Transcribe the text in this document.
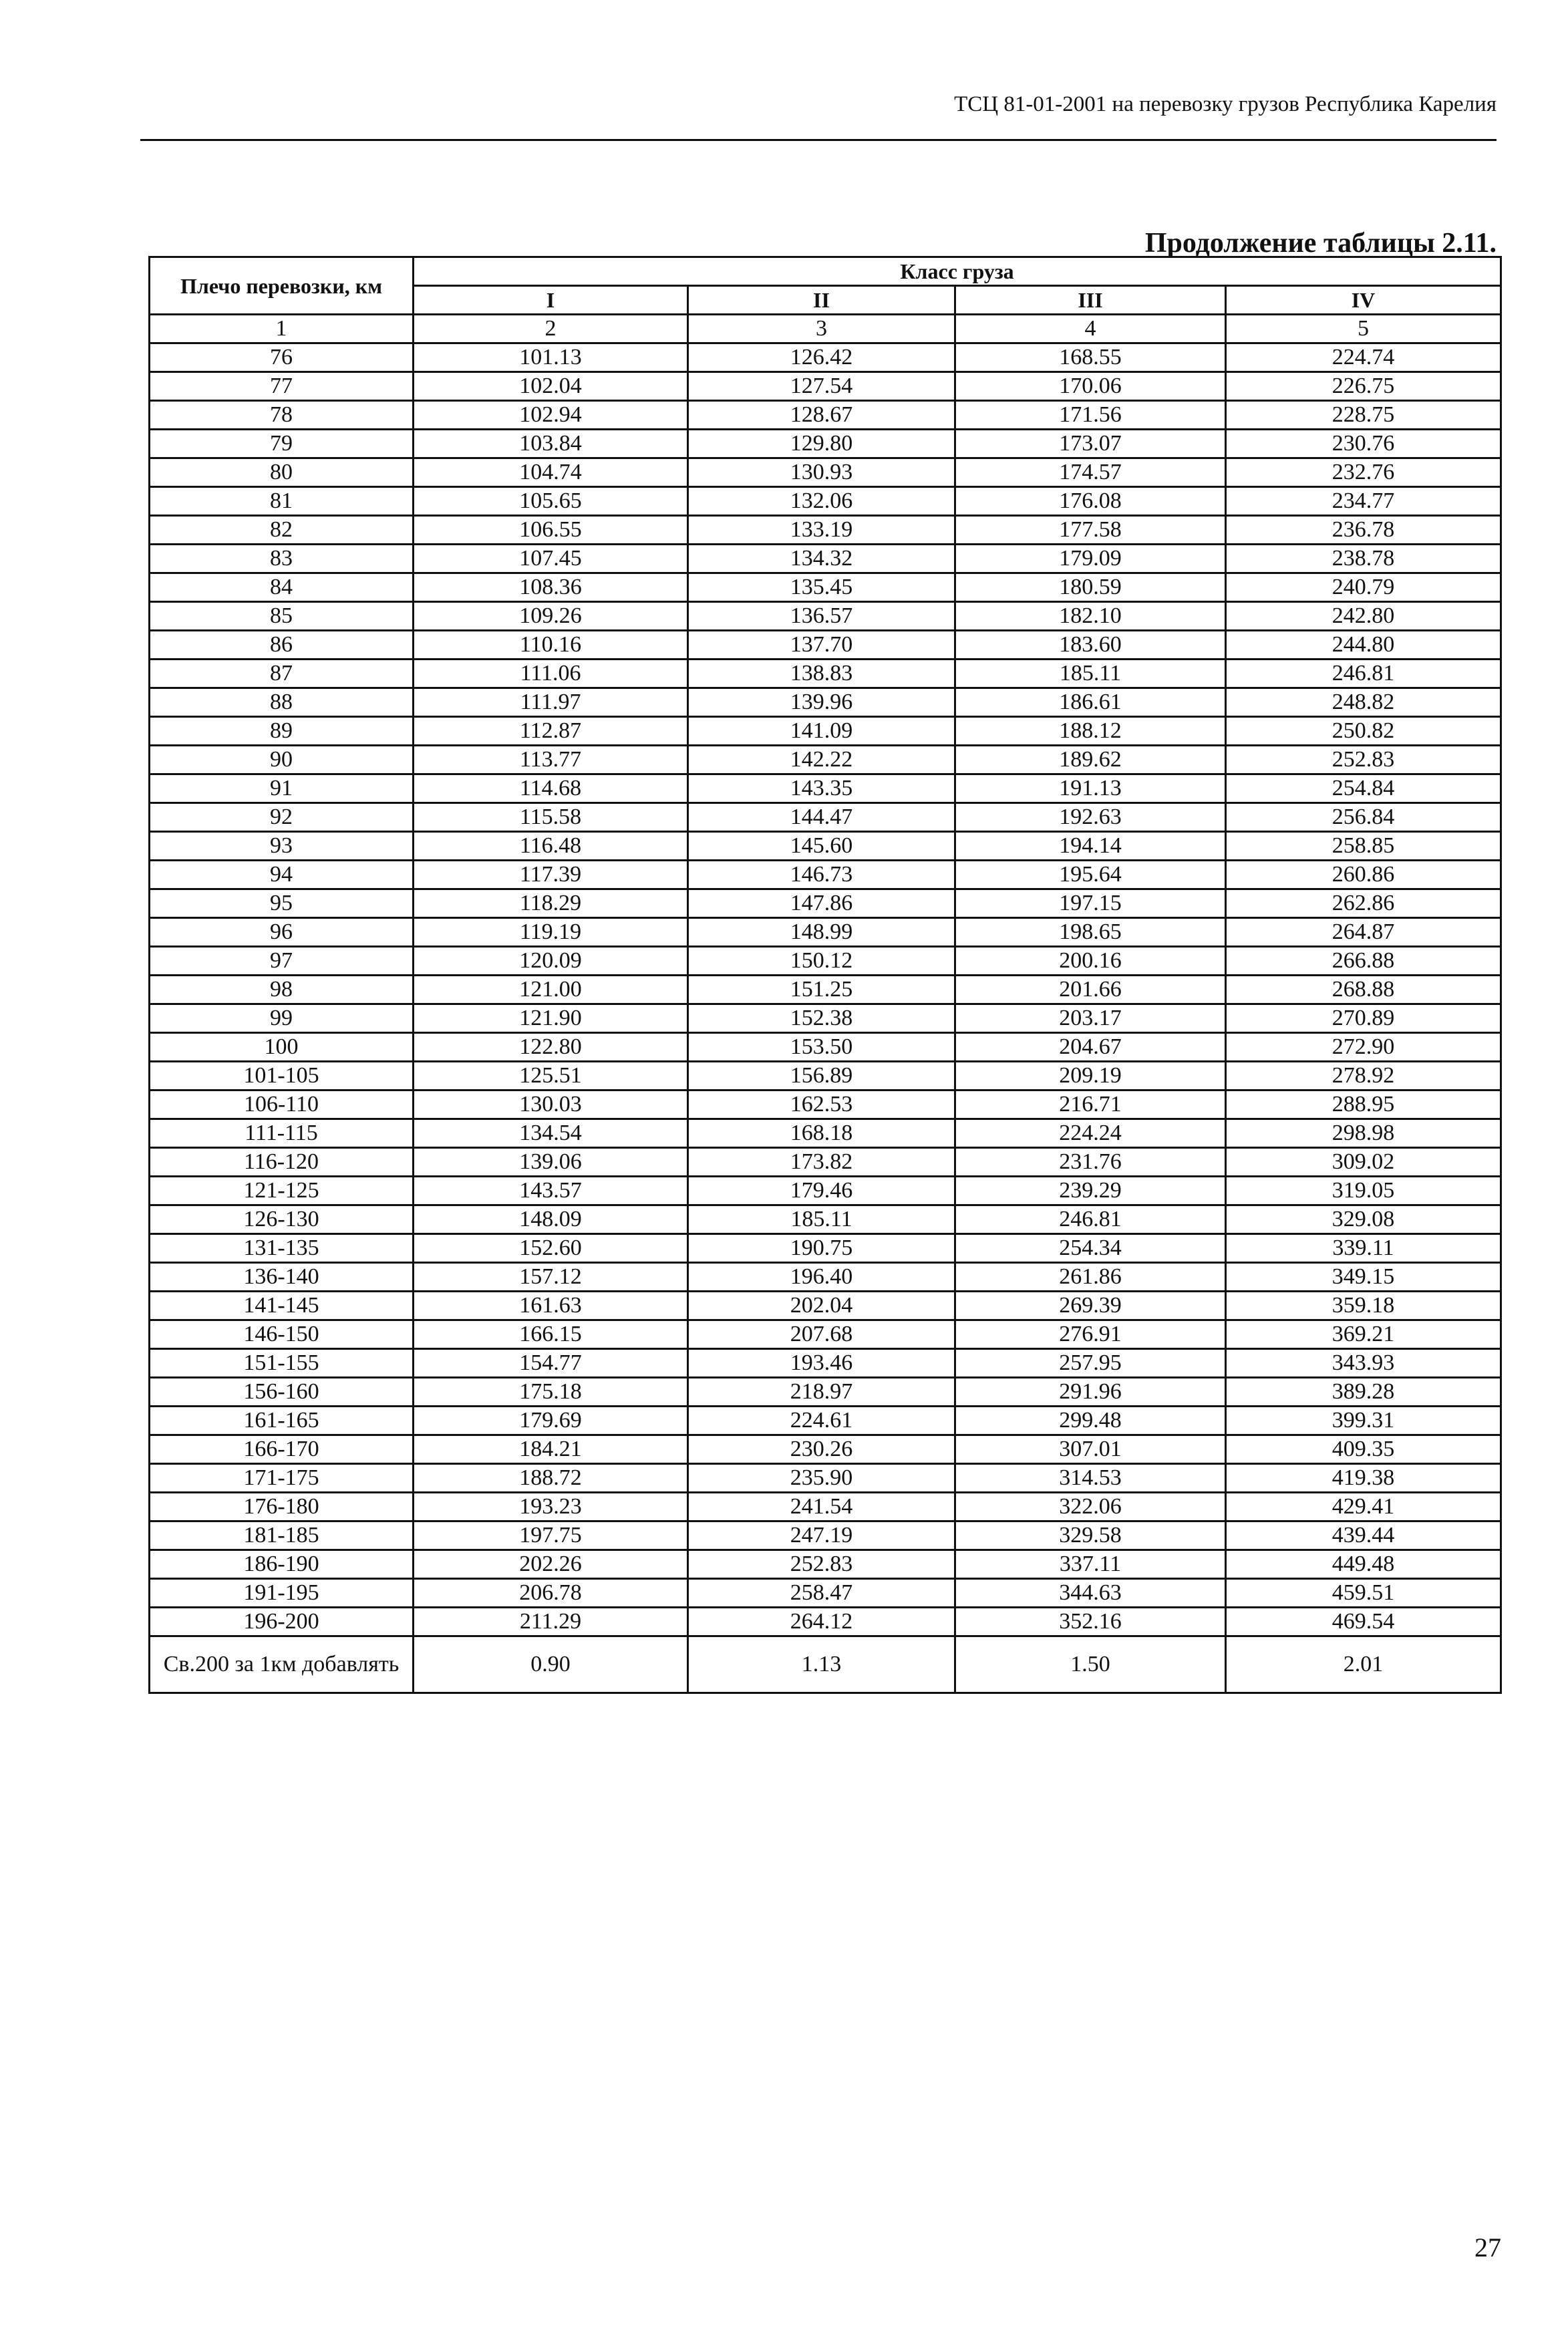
ТСЦ 81-01-2001 на перевозку грузов Республика Карелия
Продолжение таблицы 2.11.
Плечо перевозки, км	Класс груза			
	I	II	III	IV
1	2	3	4	5
76	101.13	126.42	168.55	224.74
77	102.04	127.54	170.06	226.75
78	102.94	128.67	171.56	228.75
79	103.84	129.80	173.07	230.76
80	104.74	130.93	174.57	232.76
81	105.65	132.06	176.08	234.77
82	106.55	133.19	177.58	236.78
83	107.45	134.32	179.09	238.78
84	108.36	135.45	180.59	240.79
85	109.26	136.57	182.10	242.80
86	110.16	137.70	183.60	244.80
87	111.06	138.83	185.11	246.81
88	111.97	139.96	186.61	248.82
89	112.87	141.09	188.12	250.82
90	113.77	142.22	189.62	252.83
91	114.68	143.35	191.13	254.84
92	115.58	144.47	192.63	256.84
93	116.48	145.60	194.14	258.85
94	117.39	146.73	195.64	260.86
95	118.29	147.86	197.15	262.86
96	119.19	148.99	198.65	264.87
97	120.09	150.12	200.16	266.88
98	121.00	151.25	201.66	268.88
99	121.90	152.38	203.17	270.89
100	122.80	153.50	204.67	272.90
101-105	125.51	156.89	209.19	278.92
106-110	130.03	162.53	216.71	288.95
111-115	134.54	168.18	224.24	298.98
116-120	139.06	173.82	231.76	309.02
121-125	143.57	179.46	239.29	319.05
126-130	148.09	185.11	246.81	329.08
131-135	152.60	190.75	254.34	339.11
136-140	157.12	196.40	261.86	349.15
141-145	161.63	202.04	269.39	359.18
146-150	166.15	207.68	276.91	369.21
151-155	154.77	193.46	257.95	343.93
156-160	175.18	218.97	291.96	389.28
161-165	179.69	224.61	299.48	399.31
166-170	184.21	230.26	307.01	409.35
171-175	188.72	235.90	314.53	419.38
176-180	193.23	241.54	322.06	429.41
181-185	197.75	247.19	329.58	439.44
186-190	202.26	252.83	337.11	449.48
191-195	206.78	258.47	344.63	459.51
196-200	211.29	264.12	352.16	469.54
Св.200 за 1км добавлять	0.90	1.13	1.50	2.01
27
